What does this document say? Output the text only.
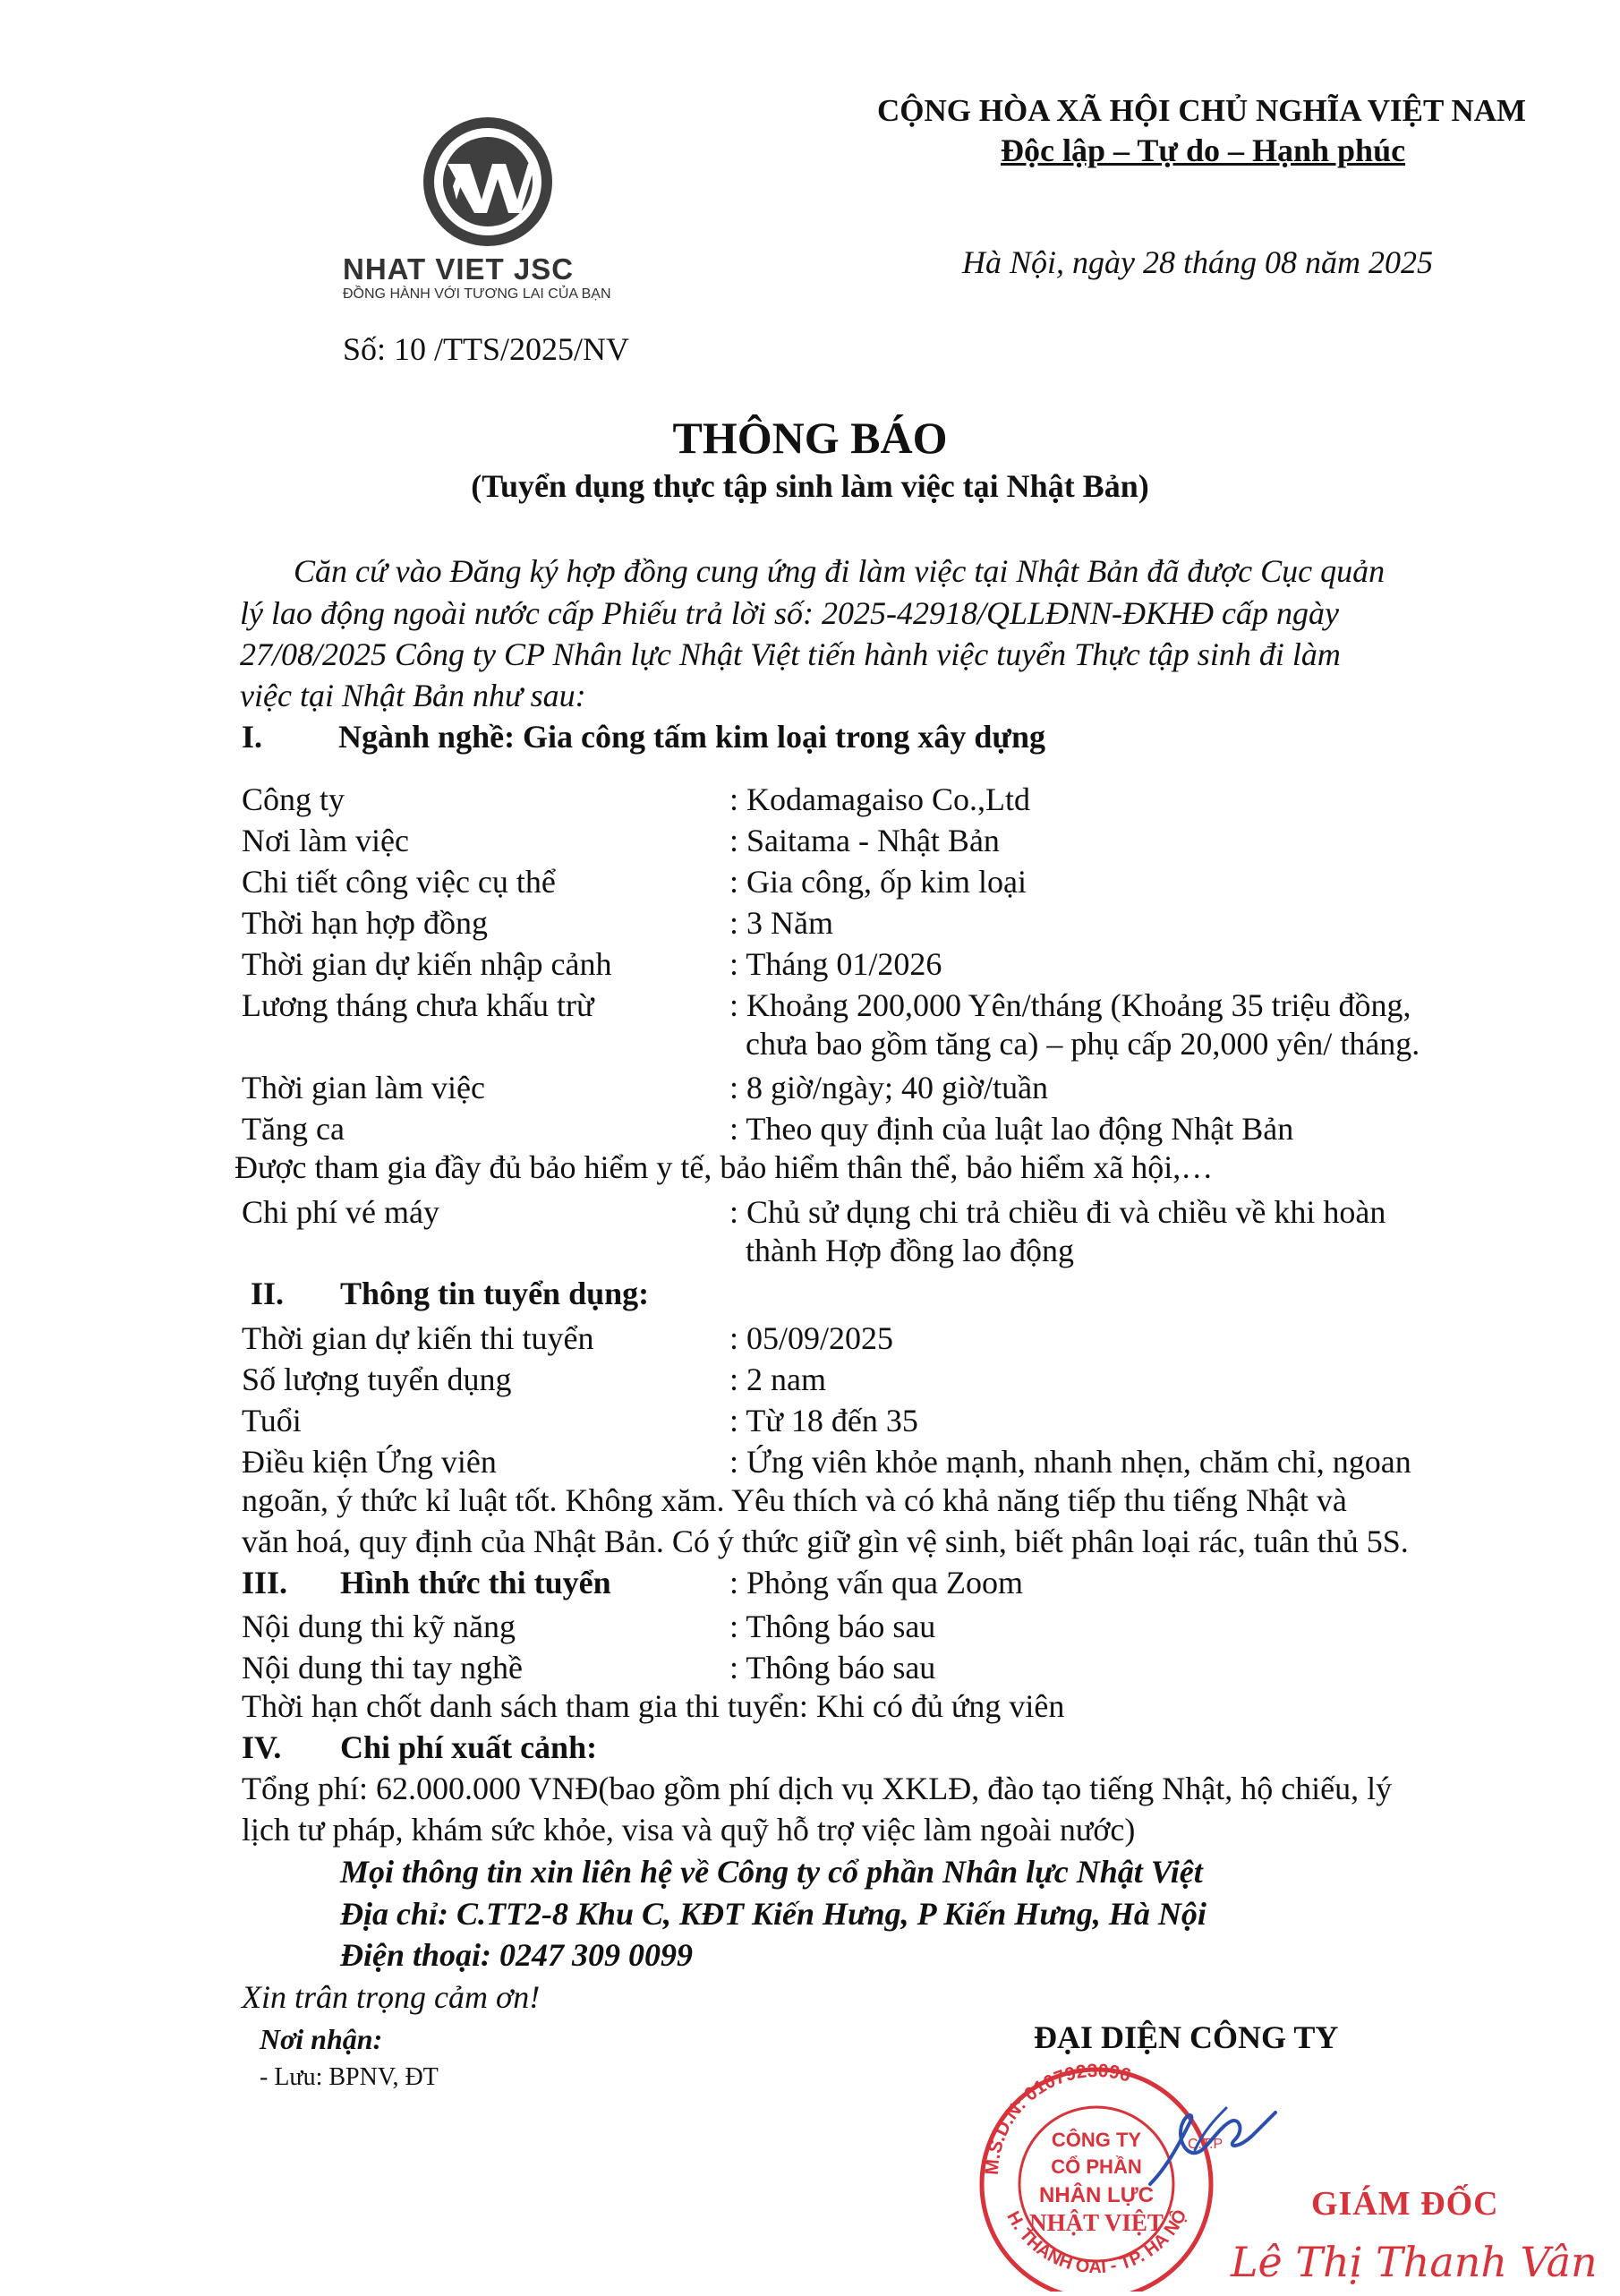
NHAT VIET JSC
ĐỒNG HÀNH VỚI TƯƠNG LAI CỦA BẠN
CỘNG HÒA XÃ HỘI CHỦ NGHĨA VIỆT NAM
Độc lập – Tự do – Hạnh phúc
Hà Nội, ngày 28 tháng 08 năm 2025
Số: 10 /TTS/2025/NV
THÔNG BÁO
(Tuyển dụng thực tập sinh làm việc tại Nhật Bản)
Căn cứ vào Đăng ký hợp đồng cung ứng đi làm việc tại Nhật Bản đã được Cục quản
lý lao động ngoài nước cấp Phiếu trả lời số: 2025-42918/QLLĐNN-ĐKHĐ cấp ngày
27/08/2025 Công ty CP Nhân lực Nhật Việt tiến hành việc tuyển Thực tập sinh đi làm
việc tại Nhật Bản như sau:
I. Ngành nghề: Gia công tấm kim loại trong xây dựng
Công ty	: Kodamagaiso Co.,Ltd
Nơi làm việc	: Saitama - Nhật Bản
Chi tiết công việc cụ thể	: Gia công, ốp kim loại
Thời hạn hợp đồng	: 3 Năm
Thời gian dự kiến nhập cảnh	: Tháng 01/2026
Lương tháng chưa khấu trừ	: Khoảng 200,000 Yên/tháng (Khoảng 35 triệu đồng,
chưa bao gồm tăng ca) – phụ cấp 20,000 yên/ tháng.
Thời gian làm việc	: 8 giờ/ngày; 40 giờ/tuần
Tăng ca	: Theo quy định của luật lao động Nhật Bản
Được tham gia đầy đủ bảo hiểm y tế, bảo hiểm thân thể, bảo hiểm xã hội,…
Chi phí vé máy	: Chủ sử dụng chi trả chiều đi và chiều về khi hoàn
thành Hợp đồng lao động
II. Thông tin tuyển dụng:
Thời gian dự kiến thi tuyển	: 05/09/2025
Số lượng tuyển dụng	: 2 nam
Tuổi	: Từ 18 đến 35
Điều kiện Ứng viên	: Ứng viên khỏe mạnh, nhanh nhẹn, chăm chỉ, ngoan
ngoãn, ý thức kỉ luật tốt. Không xăm. Yêu thích và có khả năng tiếp thu tiếng Nhật và
văn hoá, quy định của Nhật Bản. Có ý thức giữ gìn vệ sinh, biết phân loại rác, tuân thủ 5S.
III. Hình thức thi tuyển	: Phỏng vấn qua Zoom
Nội dung thi kỹ năng	: Thông báo sau
Nội dung thi tay nghề	: Thông báo sau
Thời hạn chốt danh sách tham gia thi tuyển: Khi có đủ ứng viên
IV. Chi phí xuất cảnh:
Tổng phí: 62.000.000 VNĐ(bao gồm phí dịch vụ XKLĐ, đào tạo tiếng Nhật, hộ chiếu, lý
lịch tư pháp, khám sức khỏe, visa và quỹ hỗ trợ việc làm ngoài nước)
Mọi thông tin xin liên hệ về Công ty cổ phần Nhân lực Nhật Việt
Địa chỉ: C.TT2-8 Khu C, KĐT Kiến Hưng, P Kiến Hưng, Hà Nội
Điện thoại: 0247 309 0099
Xin trân trọng cảm ơn!
Nơi nhận:
- Lưu: BPNV, ĐT
ĐẠI DIỆN CÔNG TY
M.S.D.N: 0107923096
H. THANH OAI - TP. HÀ NỘ
C.T.P
CÔNG TY
CỔ PHẦN
NHÂN LỰC
NHẬT VIỆT	GIÁM ĐỐC
Lê Thị Thanh Vân
